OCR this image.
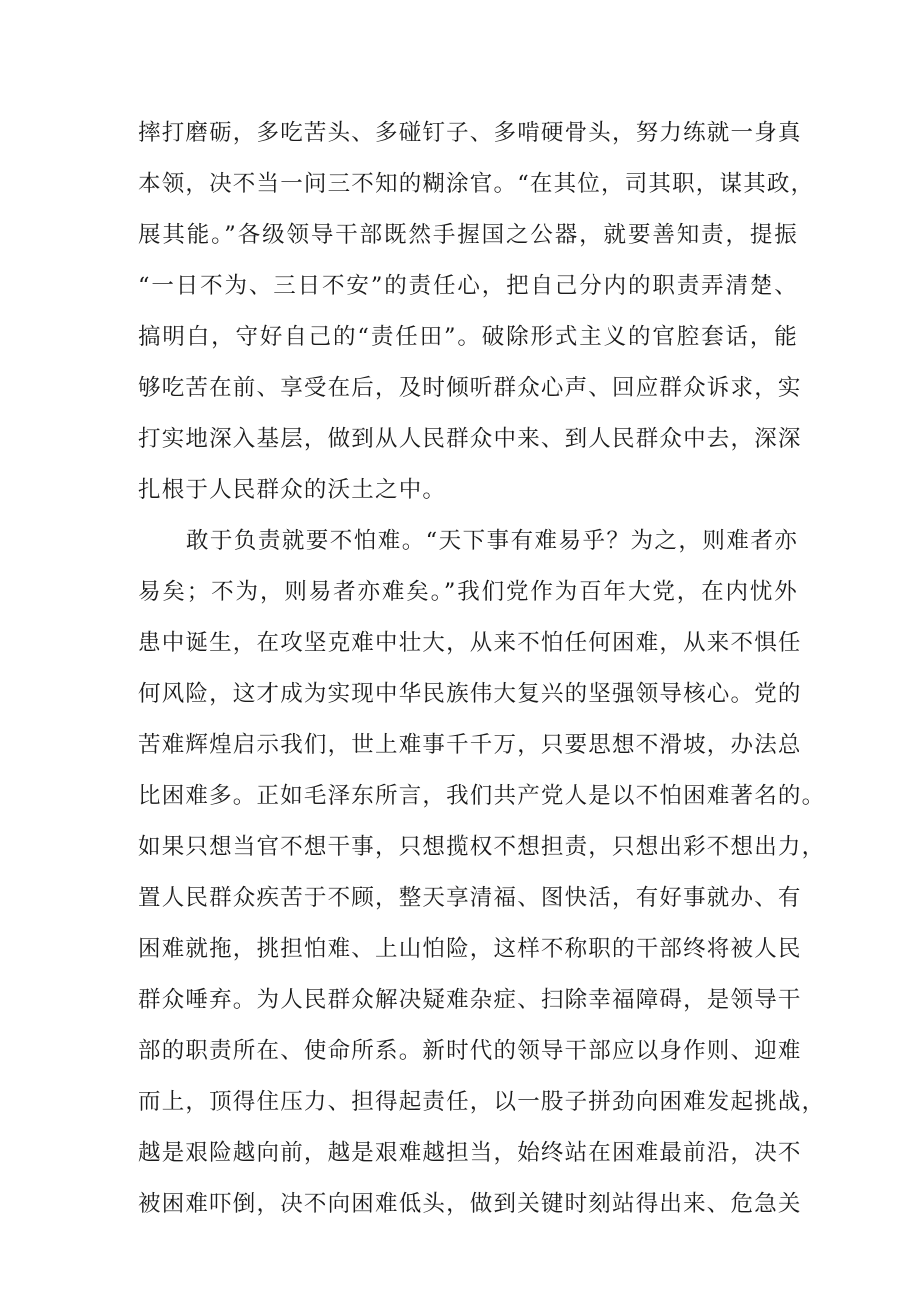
摔打磨砺，多吃苦头、多碰钉子、多啃硬骨头，努力练就一身真
本领，决不当一问三不知的糊涂官。“在其位，司其职，谋其政，
展其能。”各级领导干部既然手握国之公器，就要善知责，提振
“一日不为、三日不安”的责任心，把自己分内的职责弄清楚、
搞明白，守好自己的“责任田”。破除形式主义的官腔套话，能
够吃苦在前、享受在后，及时倾听群众心声、回应群众诉求，实
打实地深入基层，做到从人民群众中来、到人民群众中去，深深
扎根于人民群众的沃土之中。
　　敢于负责就要不怕难。“天下事有难易乎？为之，则难者亦
易矣；不为，则易者亦难矣。”我们党作为百年大党，在内忧外
患中诞生，在攻坚克难中壮大，从来不怕任何困难，从来不惧任
何风险，这才成为实现中华民族伟大复兴的坚强领导核心。党的
苦难辉煌启示我们，世上难事千千万，只要思想不滑坡，办法总
比困难多。正如毛泽东所言，我们共产党人是以不怕困难著名的。
如果只想当官不想干事，只想揽权不想担责，只想出彩不想出力，
置人民群众疾苦于不顾，整天享清福、图快活，有好事就办、有
困难就拖，挑担怕难、上山怕险，这样不称职的干部终将被人民
群众唾弃。为人民群众解决疑难杂症、扫除幸福障碍，是领导干
部的职责所在、使命所系。新时代的领导干部应以身作则、迎难
而上，顶得住压力、担得起责任，以一股子拼劲向困难发起挑战，
越是艰险越向前，越是艰难越担当，始终站在困难最前沿，决不
被困难吓倒，决不向困难低头，做到关键时刻站得出来、危急关
